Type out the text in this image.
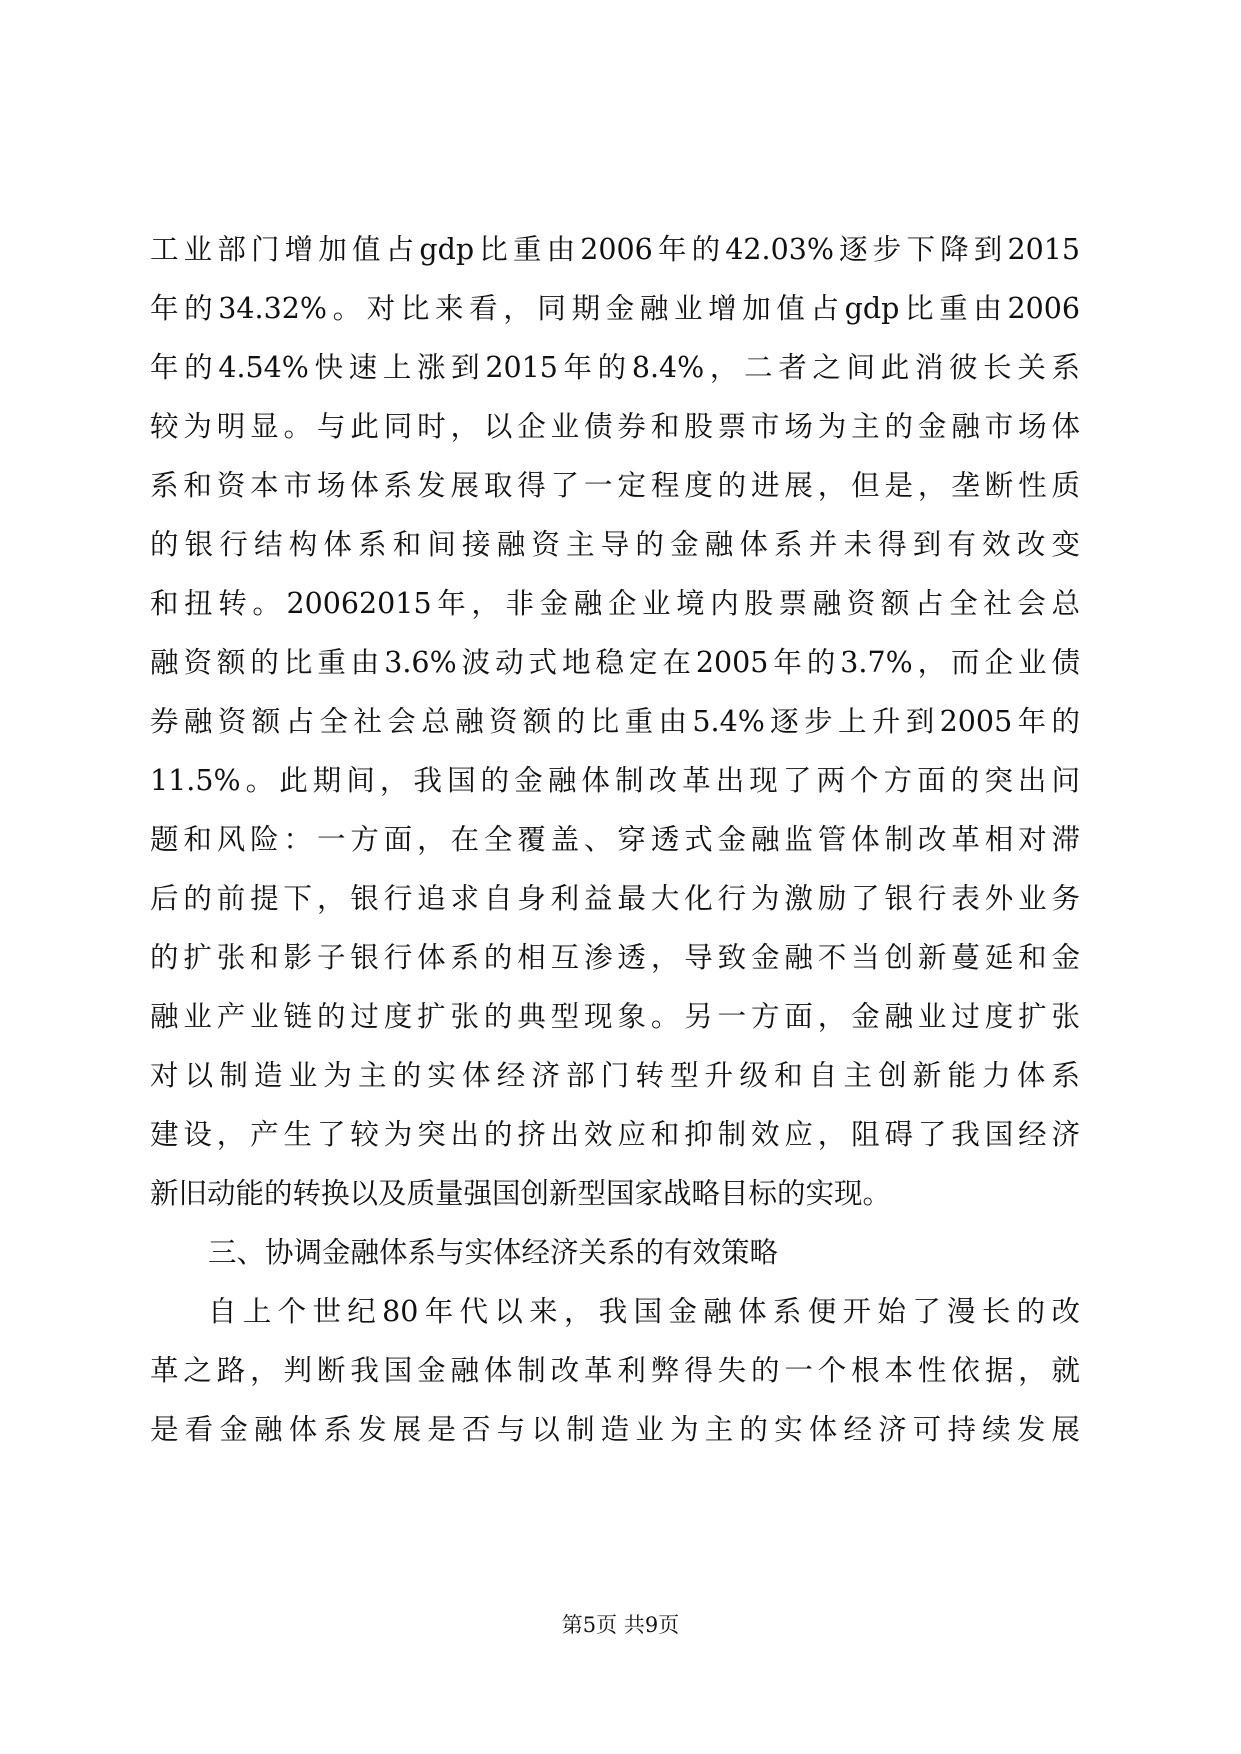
工业部门增加值占gdp比重由2006年的42.03%逐步下降到2015
年的34.32%。对比来看，同期金融业增加值占gdp比重由2006
年的4.54%快速上涨到2015年的8.4%，二者之间此消彼长关系
较为明显。与此同时，以企业债券和股票市场为主的金融市场体
系和资本市场体系发展取得了一定程度的进展，但是，垄断性质
的银行结构体系和间接融资主导的金融体系并未得到有效改变
和扭转。20062015年，非金融企业境内股票融资额占全社会总
融资额的比重由3.6%波动式地稳定在2005年的3.7%，而企业债
券融资额占全社会总融资额的比重由5.4%逐步上升到2005年的
11.5%。此期间，我国的金融体制改革出现了两个方面的突出问
题和风险：一方面，在全覆盖、穿透式金融监管体制改革相对滞
后的前提下，银行追求自身利益最大化行为激励了银行表外业务
的扩张和影子银行体系的相互渗透，导致金融不当创新蔓延和金
融业产业链的过度扩张的典型现象。另一方面，金融业过度扩张
对以制造业为主的实体经济部门转型升级和自主创新能力体系
建设，产生了较为突出的挤出效应和抑制效应，阻碍了我国经济
新旧动能的转换以及质量强国创新型国家战略目标的实现。
三、协调金融体系与实体经济关系的有效策略
自上个世纪80年代以来，我国金融体系便开始了漫长的改
革之路，判断我国金融体制改革利弊得失的一个根本性依据，就
是看金融体系发展是否与以制造业为主的实体经济可持续发展
第5页 共9页
